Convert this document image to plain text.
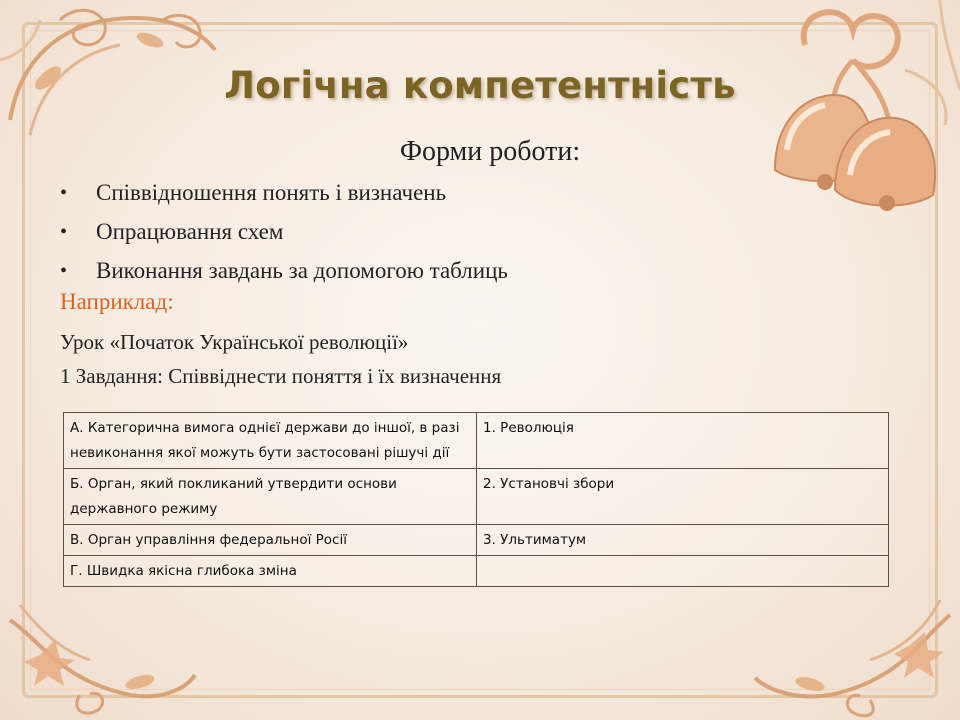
Логічна компетентність
Форми роботи:
•	Співвідношення понять і визначень
•	Опрацювання схем
•	Виконання завдань за допомогою таблиць
Наприклад:
Урок «Початок Української революції»
1 Завдання: Співвіднести поняття і їх визначення
А. Категорична вимога однієї держави до іншої, в разі невиконання якої можуть бути застосовані рішучі дії	1. Революція
Б. Орган, який покликаний утвердити основи державного режиму	2. Установчі збори
В. Орган управління федеральної Росії	3. Ультиматум
Г. Швидка якісна глибока зміна	
